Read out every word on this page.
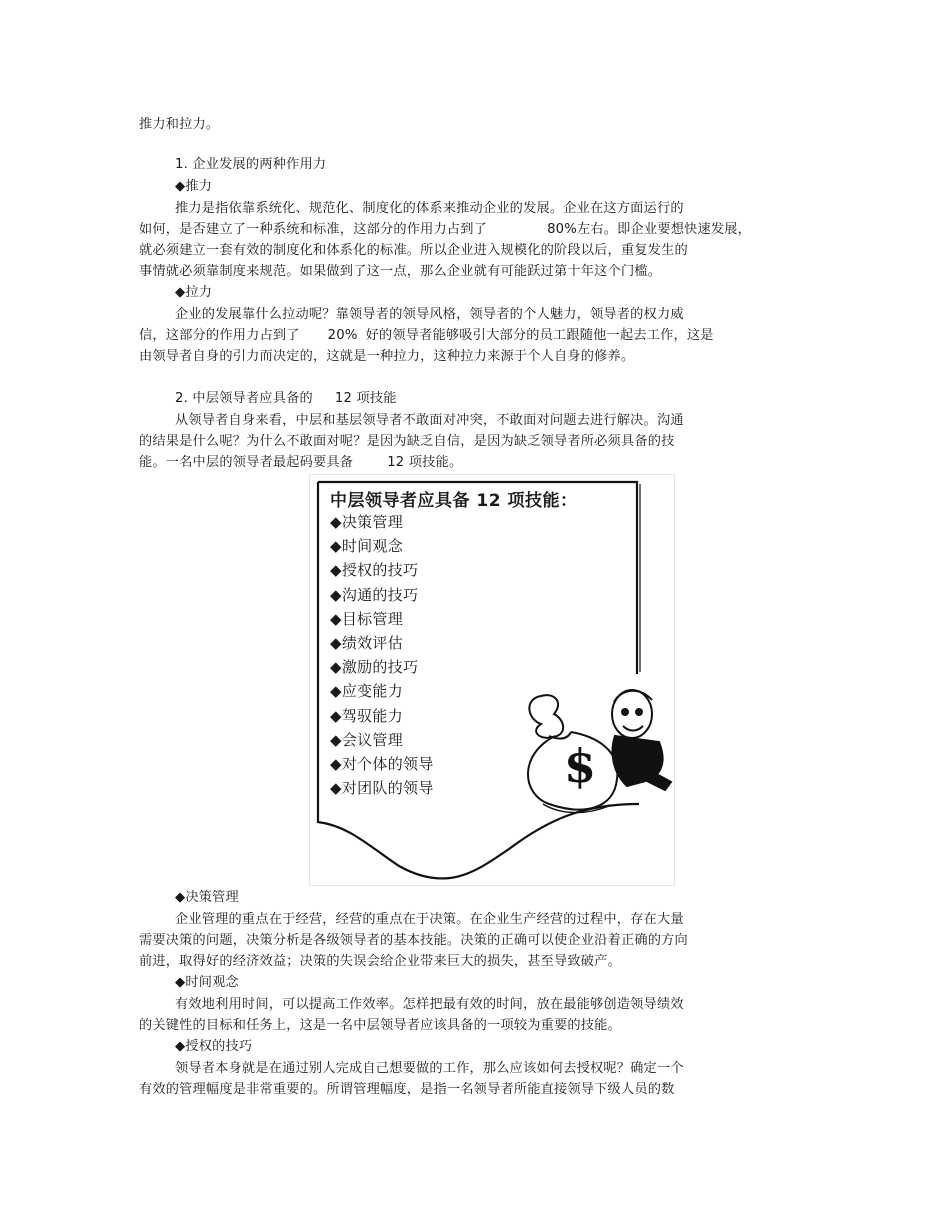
推力和拉力。
1. 企业发展的两种作用力
◆推力
推力是指依靠系统化、规范化、制度化的体系来推动企业的发展。企业在这方面运行的
如何，是否建立了一种系统和标准，这部分的作用力占到了	80%左右。即企业要想快速发展，
就必须建立一套有效的制度化和体系化的标准。所以企业进入规模化的阶段以后，重复发生的
事情就必须靠制度来规范。如果做到了这一点，那么企业就有可能跃过第十年这个门槛。
◆拉力
企业的发展靠什么拉动呢？靠领导者的领导风格，领导者的个人魅力，领导者的权力威
信，这部分的作用力占到了 20% 好的领导者能够吸引大部分的员工跟随他一起去工作，这是
由领导者自身的引力而决定的，这就是一种拉力，这种拉力来源于个人自身的修养。
2. 中层领导者应具备的 12 项技能
从领导者自身来看，中层和基层领导者不敢面对冲突，不敢面对问题去进行解决。沟通
的结果是什么呢？为什么不敢面对呢？是因为缺乏自信，是因为缺乏领导者所必须具备的技
能。一名中层的领导者最起码要具备	12 项技能。
$
中层领导者应具备 12 项技能：
◆决策管理
◆时间观念
◆授权的技巧
◆沟通的技巧
◆目标管理
◆绩效评估
◆激励的技巧
◆应变能力
◆驾驭能力
◆会议管理
◆对个体的领导
◆对团队的领导
◆决策管理
企业管理的重点在于经营，经营的重点在于决策。在企业生产经营的过程中，存在大量
需要决策的问题，决策分析是各级领导者的基本技能。决策的正确可以使企业沿着正确的方向
前进，取得好的经济效益；决策的失误会给企业带来巨大的损失，甚至导致破产。
◆时间观念
有效地利用时间，可以提高工作效率。怎样把最有效的时间，放在最能够创造领导绩效
的关键性的目标和任务上，这是一名中层领导者应该具备的一项较为重要的技能。
◆授权的技巧
领导者本身就是在通过别人完成自己想要做的工作，那么应该如何去授权呢？确定一个
有效的管理幅度是非常重要的。所谓管理幅度，是指一名领导者所能直接领导下级人员的数
